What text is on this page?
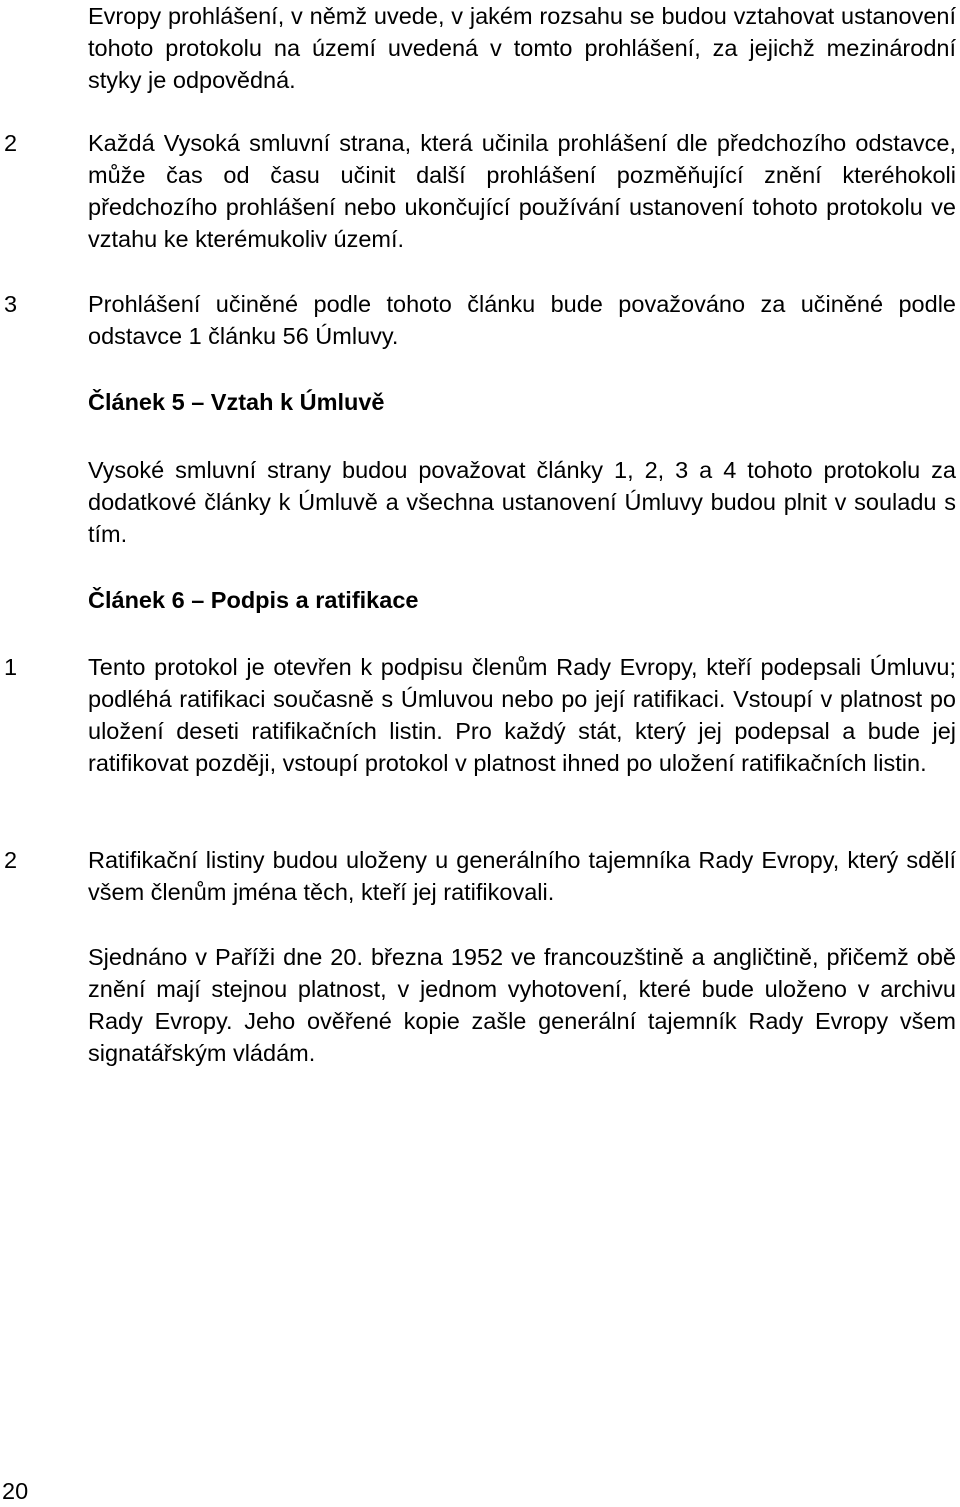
Evropy prohlášení, v němž uvede, v jakém rozsahu se budou vztahovat ustanovení tohoto protokolu na území uvedená v tomto prohlášení, za jejichž mezinárodní styky je odpovědná.
2	Každá Vysoká smluvní strana, která učinila prohlášení dle předchozího odstavce, může čas od času učinit další prohlášení pozměňující znění kteréhokoli předchozího prohlášení nebo ukončující používání ustanovení tohoto protokolu ve vztahu ke kterémukoliv území.
3	Prohlášení učiněné podle tohoto článku bude považováno za učiněné podle odstavce 1 článku 56 Úmluvy.
Článek 5 – Vztah k Úmluvě
Vysoké smluvní strany budou považovat články 1, 2, 3 a 4 tohoto protokolu za dodatkové články k Úmluvě a všechna ustanovení Úmluvy budou plnit v souladu s tím.
Článek 6 – Podpis a ratifikace
1	Tento protokol je otevřen k podpisu členům Rady Evropy, kteří podepsali Úmluvu; podléhá ratifikaci současně s Úmluvou nebo po její ratifikaci. Vstoupí v platnost po uložení deseti ratifikačních listin. Pro každý stát, který jej podepsal a bude jej ratifikovat později, vstoupí protokol v platnost ihned po uložení ratifikačních listin.
2	Ratifikační listiny budou uloženy u generálního tajemníka Rady Evropy, který sdělí všem členům jména těch, kteří jej ratifikovali.
Sjednáno v Paříži dne 20. března 1952 ve francouzštině a angličtině, přičemž obě znění mají stejnou platnost, v jednom vyhotovení, které bude uloženo v archivu Rady Evropy. Jeho ověřené kopie zašle generální tajemník Rady Evropy všem signatářským vládám.
20
